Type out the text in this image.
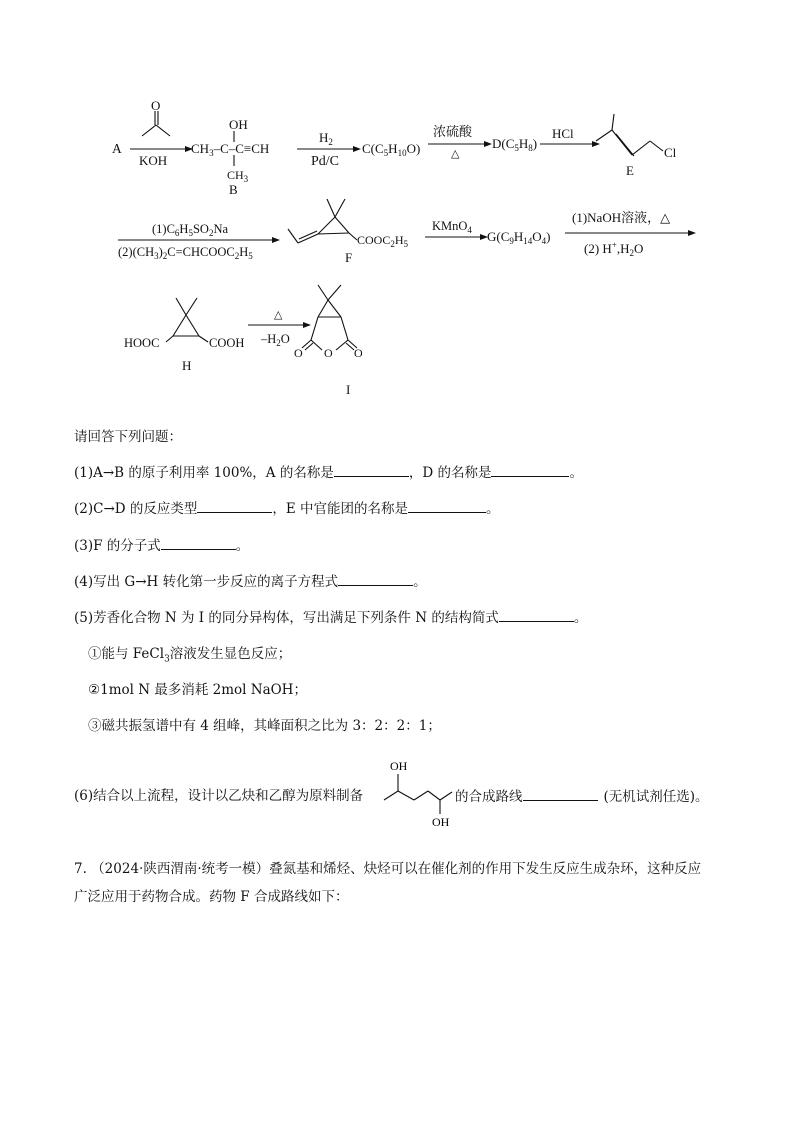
A
O
KOH
OH
$CH_3-C-C\equiv CH$
$CH_3$
B
$H_2$
Pd/C
$C(C_5H_{10}O)$
浓硫酸
△
$D(C_5H_8)$
HCl
Cl
E
$(1)C_6H_5SO_2Na$
$(2)(CH_3)_2C=CHCOOC_2H_5$
$COOC_2H_5$
F
KMnO$_4$ $G(C_9H_{14}O_4)$
(1)NaOH溶液，△
(2) $H^+,H_2O$
HOOC	COOH
H
△
$-H_2O$
O
O	O
I
请回答下列问题：
(1)A→B 的原子利用率 100%，A 的名称是	，D 的名称是	。
(2)C→D 的反应类型	，E 中官能团的名称是	。
(3)F 的分子式	。
(4)写出 G→H 转化第一步反应的离子方程式	。
(5)芳香化合物 N 为 I 的同分异构体，写出满足下列条件 N 的结构简式	。
①能与 FeCl$_3$溶液发生显色反应；
②1mol N 最多消耗 2mol NaOH；
③磁共振氢谱中有 4 组峰，其峰面积之比为 3：2：2：1；
(6)结合以上流程，设计以乙炔和乙醇为原料制备
OH
OH
的合成路线	(无机试剂任选)。
7. （2024·陕西渭南·统考一模）叠氮基和烯烃、炔烃可以在催化剂的作用下发生反应生成杂环，这种反应
广泛应用于药物合成。药物 F 合成路线如下：
